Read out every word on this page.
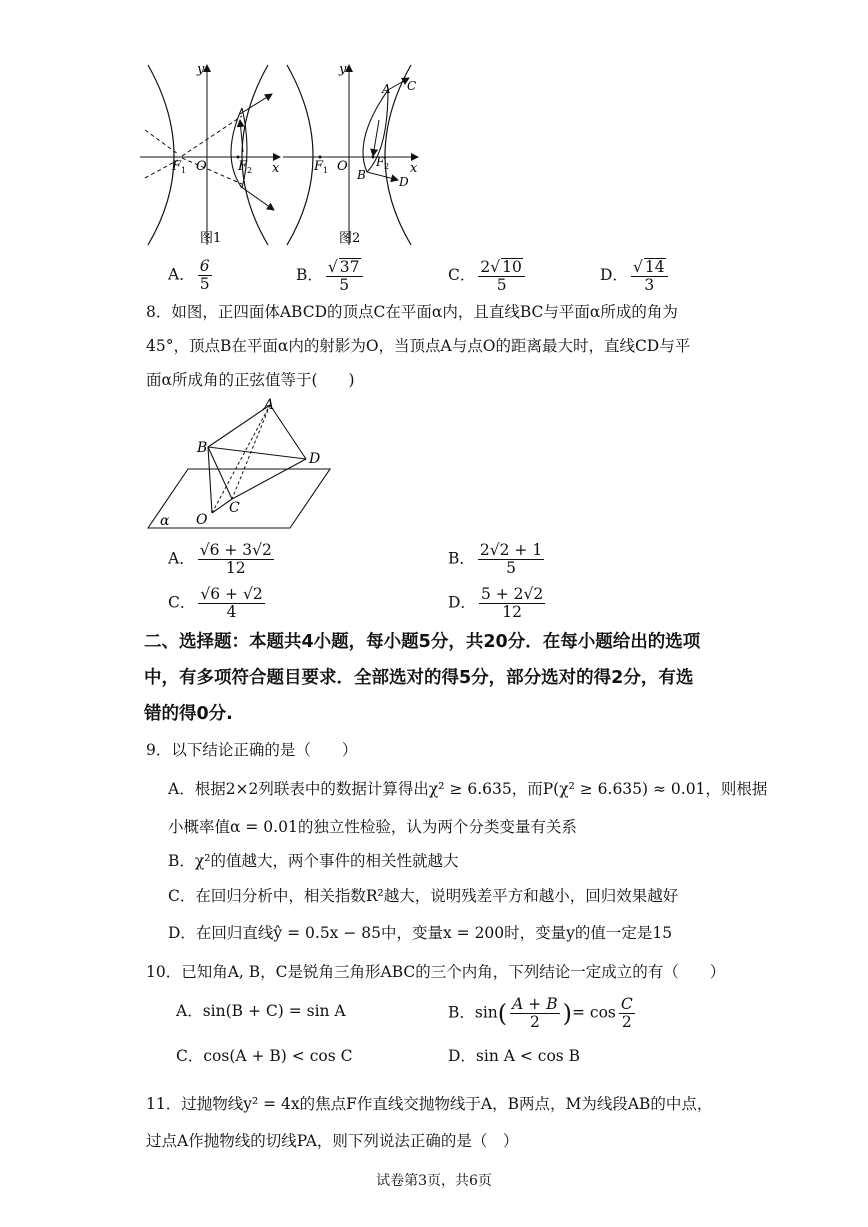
y
x
F 1 O F 2
图1
y
x
F 1 O F 2
A C
B	D
图2
A． $\frac{6}{5}$	B． $\frac{√ 37}{5}$	C． $\frac{2√ 10}{5}$	D． $\frac{√ 14}{3}$
8．如图，正四面体ABCD的顶点C在平面α内，且直线BC与平面α所成的角为
45°，顶点B在平面α内的射影为O，当顶点A与点O的距离最大时，直线CD与平
面α所成角的正弦值等于(　　)
A
B
D
C
O
α
A． $\frac{√6 + 3√2}{12}$	B． $\frac{2√2 + 1}{5}$
C． $\frac{√6 + √2}{4}$	D． $\frac{5 + 2√2}{12}$
二、选择题：本题共4小题，每小题5分，共20分．在每小题给出的选项
中，有多项符合题目要求．全部选对的得5分，部分选对的得2分，有选
错的得0分.
9．以下结论正确的是（　　）
A．根据2×2列联表中的数据计算得出χ² ≥ 6.635，而P(χ² ≥ 6.635) ≈ 0.01，则根据
小概率值α = 0.01的独立性检验，认为两个分类变量有关系
B．χ²的值越大，两个事件的相关性就越大
C．在回归分析中，相关指数R²越大，说明残差平方和越小，回归效果越好
D．在回归直线ŷ = 0.5x − 85中，变量x = 200时，变量y的值一定是15
10．已知角A, B，C是锐角三角形ABC的三个内角，下列结论一定成立的有（　　）
A．sin(B + C) = sin A	B．$\sin( \frac{A + B}{2}$ )= $\cos \frac{C}{2}$
C．cos(A + B) < cos C	D．sin A < cos B
11．过抛物线y² = 4x的焦点F作直线交抛物线于A，B两点，M为线段AB的中点，
过点A作抛物线的切线PA，则下列说法正确的是（　）
试卷第3页，共6页
